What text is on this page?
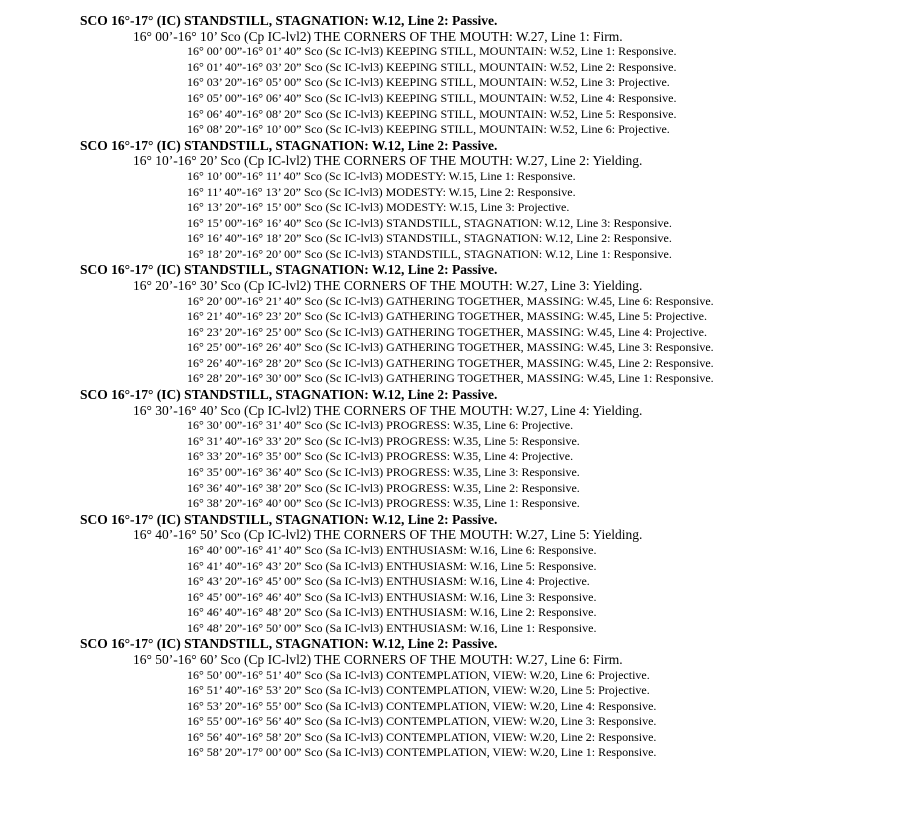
SCO 16°-17° (IC) STANDSTILL, STAGNATION: W.12, Line 2: Passive.
16° 00’-16° 10’ Sco (Cp IC-lvl2) THE CORNERS OF THE MOUTH: W.27, Line 1: Firm.
16° 00’ 00”-16° 01’ 40” Sco (Sc IC-lvl3) KEEPING STILL, MOUNTAIN: W.52, Line 1: Responsive.
16° 01’ 40”-16° 03’ 20” Sco (Sc IC-lvl3) KEEPING STILL, MOUNTAIN: W.52, Line 2: Responsive.
16° 03’ 20”-16° 05’ 00” Sco (Sc IC-lvl3) KEEPING STILL, MOUNTAIN: W.52, Line 3: Projective.
16° 05’ 00”-16° 06’ 40” Sco (Sc IC-lvl3) KEEPING STILL, MOUNTAIN: W.52, Line 4: Responsive.
16° 06’ 40”-16° 08’ 20” Sco (Sc IC-lvl3) KEEPING STILL, MOUNTAIN: W.52, Line 5: Responsive.
16° 08’ 20”-16° 10’ 00” Sco (Sc IC-lvl3) KEEPING STILL, MOUNTAIN: W.52, Line 6: Projective.
SCO 16°-17° (IC) STANDSTILL, STAGNATION: W.12, Line 2: Passive.
16° 10’-16° 20’ Sco (Cp IC-lvl2) THE CORNERS OF THE MOUTH: W.27, Line 2: Yielding.
16° 10’ 00”-16° 11’ 40” Sco (Sc IC-lvl3) MODESTY: W.15, Line 1: Responsive.
16° 11’ 40”-16° 13’ 20” Sco (Sc IC-lvl3) MODESTY: W.15, Line 2: Responsive.
16° 13’ 20”-16° 15’ 00” Sco (Sc IC-lvl3) MODESTY: W.15, Line 3: Projective.
16° 15’ 00”-16° 16’ 40” Sco (Sc IC-lvl3) STANDSTILL, STAGNATION: W.12, Line 3: Responsive.
16° 16’ 40”-16° 18’ 20” Sco (Sc IC-lvl3) STANDSTILL, STAGNATION: W.12, Line 2: Responsive.
16° 18’ 20”-16° 20’ 00” Sco (Sc IC-lvl3) STANDSTILL, STAGNATION: W.12, Line 1: Responsive.
SCO 16°-17° (IC) STANDSTILL, STAGNATION: W.12, Line 2: Passive.
16° 20’-16° 30’ Sco (Cp IC-lvl2) THE CORNERS OF THE MOUTH: W.27, Line 3: Yielding.
16° 20’ 00”-16° 21’ 40” Sco (Sc IC-lvl3) GATHERING TOGETHER, MASSING: W.45, Line 6: Responsive.
16° 21’ 40”-16° 23’ 20” Sco (Sc IC-lvl3) GATHERING TOGETHER, MASSING: W.45, Line 5: Projective.
16° 23’ 20”-16° 25’ 00” Sco (Sc IC-lvl3) GATHERING TOGETHER, MASSING: W.45, Line 4: Projective.
16° 25’ 00”-16° 26’ 40” Sco (Sc IC-lvl3) GATHERING TOGETHER, MASSING: W.45, Line 3: Responsive.
16° 26’ 40”-16° 28’ 20” Sco (Sc IC-lvl3) GATHERING TOGETHER, MASSING: W.45, Line 2: Responsive.
16° 28’ 20”-16° 30’ 00” Sco (Sc IC-lvl3) GATHERING TOGETHER, MASSING: W.45, Line 1: Responsive.
SCO 16°-17° (IC) STANDSTILL, STAGNATION: W.12, Line 2: Passive.
16° 30’-16° 40’ Sco (Cp IC-lvl2) THE CORNERS OF THE MOUTH: W.27, Line 4: Yielding.
16° 30’ 00”-16° 31’ 40” Sco (Sc IC-lvl3) PROGRESS: W.35, Line 6: Projective.
16° 31’ 40”-16° 33’ 20” Sco (Sc IC-lvl3) PROGRESS: W.35, Line 5: Responsive.
16° 33’ 20”-16° 35’ 00” Sco (Sc IC-lvl3) PROGRESS: W.35, Line 4: Projective.
16° 35’ 00”-16° 36’ 40” Sco (Sc IC-lvl3) PROGRESS: W.35, Line 3: Responsive.
16° 36’ 40”-16° 38’ 20” Sco (Sc IC-lvl3) PROGRESS: W.35, Line 2: Responsive.
16° 38’ 20”-16° 40’ 00” Sco (Sc IC-lvl3) PROGRESS: W.35, Line 1: Responsive.
SCO 16°-17° (IC) STANDSTILL, STAGNATION: W.12, Line 2: Passive.
16° 40’-16° 50’ Sco (Cp IC-lvl2) THE CORNERS OF THE MOUTH: W.27, Line 5: Yielding.
16° 40’ 00”-16° 41’ 40” Sco (Sa IC-lvl3) ENTHUSIASM: W.16, Line 6: Responsive.
16° 41’ 40”-16° 43’ 20” Sco (Sa IC-lvl3) ENTHUSIASM: W.16, Line 5: Responsive.
16° 43’ 20”-16° 45’ 00” Sco (Sa IC-lvl3) ENTHUSIASM: W.16, Line 4: Projective.
16° 45’ 00”-16° 46’ 40” Sco (Sa IC-lvl3) ENTHUSIASM: W.16, Line 3: Responsive.
16° 46’ 40”-16° 48’ 20” Sco (Sa IC-lvl3) ENTHUSIASM: W.16, Line 2: Responsive.
16° 48’ 20”-16° 50’ 00” Sco (Sa IC-lvl3) ENTHUSIASM: W.16, Line 1: Responsive.
SCO 16°-17° (IC) STANDSTILL, STAGNATION: W.12, Line 2: Passive.
16° 50’-16° 60’ Sco (Cp IC-lvl2) THE CORNERS OF THE MOUTH: W.27, Line 6: Firm.
16° 50’ 00”-16° 51’ 40” Sco (Sa IC-lvl3) CONTEMPLATION, VIEW: W.20, Line 6: Projective.
16° 51’ 40”-16° 53’ 20” Sco (Sa IC-lvl3) CONTEMPLATION, VIEW: W.20, Line 5: Projective.
16° 53’ 20”-16° 55’ 00” Sco (Sa IC-lvl3) CONTEMPLATION, VIEW: W.20, Line 4: Responsive.
16° 55’ 00”-16° 56’ 40” Sco (Sa IC-lvl3) CONTEMPLATION, VIEW: W.20, Line 3: Responsive.
16° 56’ 40”-16° 58’ 20” Sco (Sa IC-lvl3) CONTEMPLATION, VIEW: W.20, Line 2: Responsive.
16° 58’ 20”-17° 00’ 00” Sco (Sa IC-lvl3) CONTEMPLATION, VIEW: W.20, Line 1: Responsive.
